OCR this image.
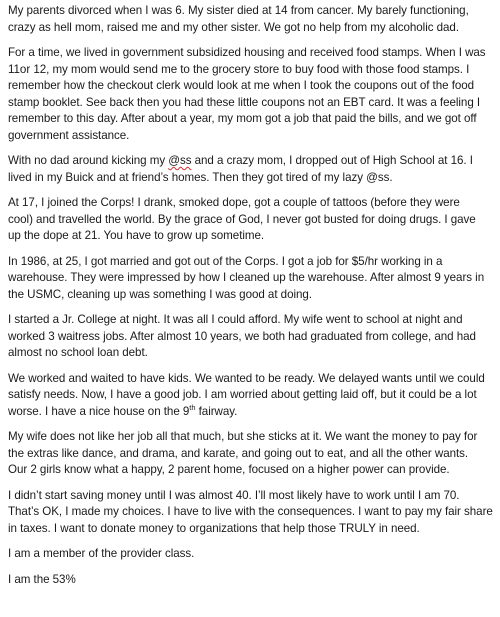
My parents divorced when I was 6. My sister died at 14 from cancer. My barely functioning,
crazy as hell mom, raised me and my other sister. We got no help from my alcoholic dad.

For a time, we lived in government subsidized housing and received food stamps. When I was
11or 12, my mom would send me to the grocery store to buy food with those food stamps. I
remember how the checkout clerk would look at me when I took the coupons out of the food
stamp booklet. See back then you had these little coupons not an EBT card. It was a feeling I
remember to this day. After about a year, my mom got a job that paid the bills, and we got off
government assistance.

With no dad around kicking my @ss and a crazy mom, I dropped out of High School at 16. I
lived in my Buick and at friend’s homes. Then they got tired of my lazy @ss.

At 17, I joined the Corps! I drank, smoked dope, got a couple of tattoos (before they were
cool) and travelled the world. By the grace of God, I never got busted for doing drugs. I gave
up the dope at 21. You have to grow up sometime.

In 1986, at 25, I got married and got out of the Corps. I got a job for $5/hr working in a
warehouse. They were impressed by how I cleaned up the warehouse. After almost 9 years in
the USMC, cleaning up was something I was good at doing.

I started a Jr. College at night. It was all I could afford. My wife went to school at night and
worked 3 waitress jobs. After almost 10 years, we both had graduated from college, and had
almost no school loan debt.

We worked and waited to have kids. We wanted to be ready. We delayed wants until we could
satisfy needs. Now, I have a good job. I am worried about getting laid off, but it could be a lot
worse. I have a nice house on the 9th fairway.

My wife does not like her job all that much, but she sticks at it. We want the money to pay for
the extras like dance, and drama, and karate, and going out to eat, and all the other wants.
Our 2 girls know what a happy, 2 parent home, focused on a higher power can provide.

I didn’t start saving money until I was almost 40. I’ll most likely have to work until I am 70.
That’s OK, I made my choices. I have to live with the consequences. I want to pay my fair share
in taxes. I want to donate money to organizations that help those TRULY in need.

I am a member of the provider class.

I am the 53%
